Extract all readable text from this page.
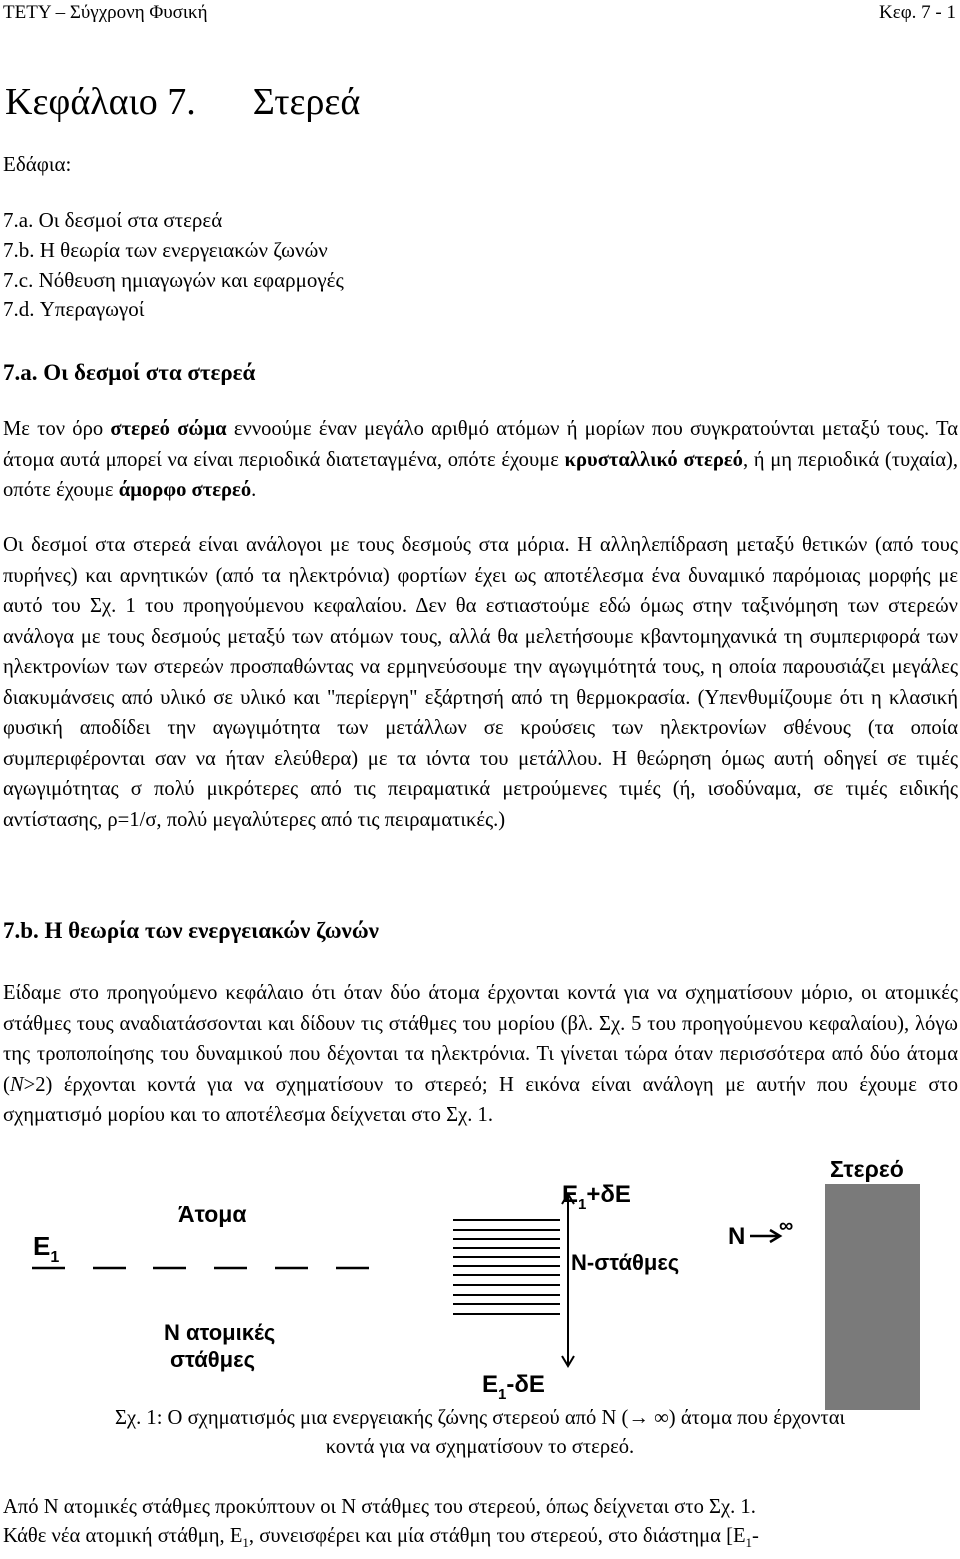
ΤΕΤΥ – Σύγχρονη Φυσική	Κεφ. 7 - 1
Κεφάλαιο 7.      Στερεά
Εδάφια:
7.a. Οι δεσμοί στα στερεά
7.b. Η θεωρία των ενεργειακών ζωνών
7.c. Νόθευση ημιαγωγών και εφαρμογές
7.d. Υπεραγωγοί
7.a. Οι δεσμοί στα στερεά
Με τον όρο στερεό σώμα εννοούμε έναν μεγάλο αριθμό ατόμων ή μορίων που συγκρατούνται μεταξύ τους. Τα άτομα αυτά μπορεί να είναι περιοδικά διατεταγμένα, οπότε έχουμε κρυσταλλικό στερεό, ή μη περιοδικά (τυχαία), οπότε έχουμε άμορφο στερεό.
Οι δεσμοί στα στερεά είναι ανάλογοι με τους δεσμούς στα μόρια. Η αλληλεπίδραση μεταξύ θετικών (από τους πυρήνες) και αρνητικών (από τα ηλεκτρόνια) φορτίων έχει ως αποτέλεσμα ένα δυναμικό παρόμοιας μορφής με αυτό του Σχ. 1 του προηγούμενου κεφαλαίου. Δεν θα εστιαστούμε εδώ όμως στην ταξινόμηση των στερεών ανάλογα με τους δεσμούς μεταξύ των ατόμων τους, αλλά θα μελετήσουμε κβαντομηχανικά τη συμπεριφορά των ηλεκτρονίων των στερεών προσπαθώντας να ερμηνεύσουμε την αγωγιμότητά τους, η οποία παρουσιάζει μεγάλες διακυμάνσεις από υλικό σε υλικό και "περίεργη" εξάρτησή από τη θερμοκρασία. (Υπενθυμίζουμε ότι η κλασική φυσική αποδίδει την αγωγιμότητα των μετάλλων σε κρούσεις των ηλεκτρονίων σθένους (τα οποία συμπεριφέρονται σαν να ήταν ελεύθερα) με τα ιόντα του μετάλλου. Η θεώρηση όμως αυτή οδηγεί σε τιμές αγωγιμότητας σ πολύ μικρότερες από τις πειραματικά μετρούμενες τιμές (ή, ισοδύναμα, σε τιμές ειδικής αντίστασης, ρ=1/σ, πολύ μεγαλύτερες από τις πειραματικές.)
7.b. Η θεωρία των ενεργειακών ζωνών
Είδαμε στο προηγούμενο κεφάλαιο ότι όταν δύο άτομα έρχονται κοντά για να σχηματίσουν μόριο, οι ατομικές στάθμες τους αναδιατάσσονται και δίδουν τις στάθμες του μορίου (βλ. Σχ. 5 του προηγούμενου κεφαλαίου), λόγω της τροποποίησης του δυναμικού που δέχονται τα ηλεκτρόνια. Τι γίνεται τώρα όταν περισσότερα από δύο άτομα (N>2) έρχονται κοντά για να σχηματίσουν το στερεό; Η εικόνα είναι ανάλογη με αυτήν που έχουμε στο σχηματισμό μορίου και το αποτέλεσμα δείχνεται στο Σχ. 1.
Άτομα
$E_1$
N ατομικές
στάθμες
$E_1+\delta E$
N-στάθμες
$E_1-\delta E$
N ∞
Στερεό
Σχ. 1: Ο σχηματισμός μια ενεργειακής ζώνης στερεού από Ν (→ ∞) άτομα που έρχονται
κοντά για να σχηματίσουν το στερεό.
Από Ν ατομικές στάθμες προκύπτουν οι Ν στάθμες του στερεού, όπως δείχνεται στο Σχ. 1.
Κάθε νέα ατομική στάθμη, $E_1$, συνεισφέρει και μία στάθμη του στερεού, στο διάστημα [$E_1-$
